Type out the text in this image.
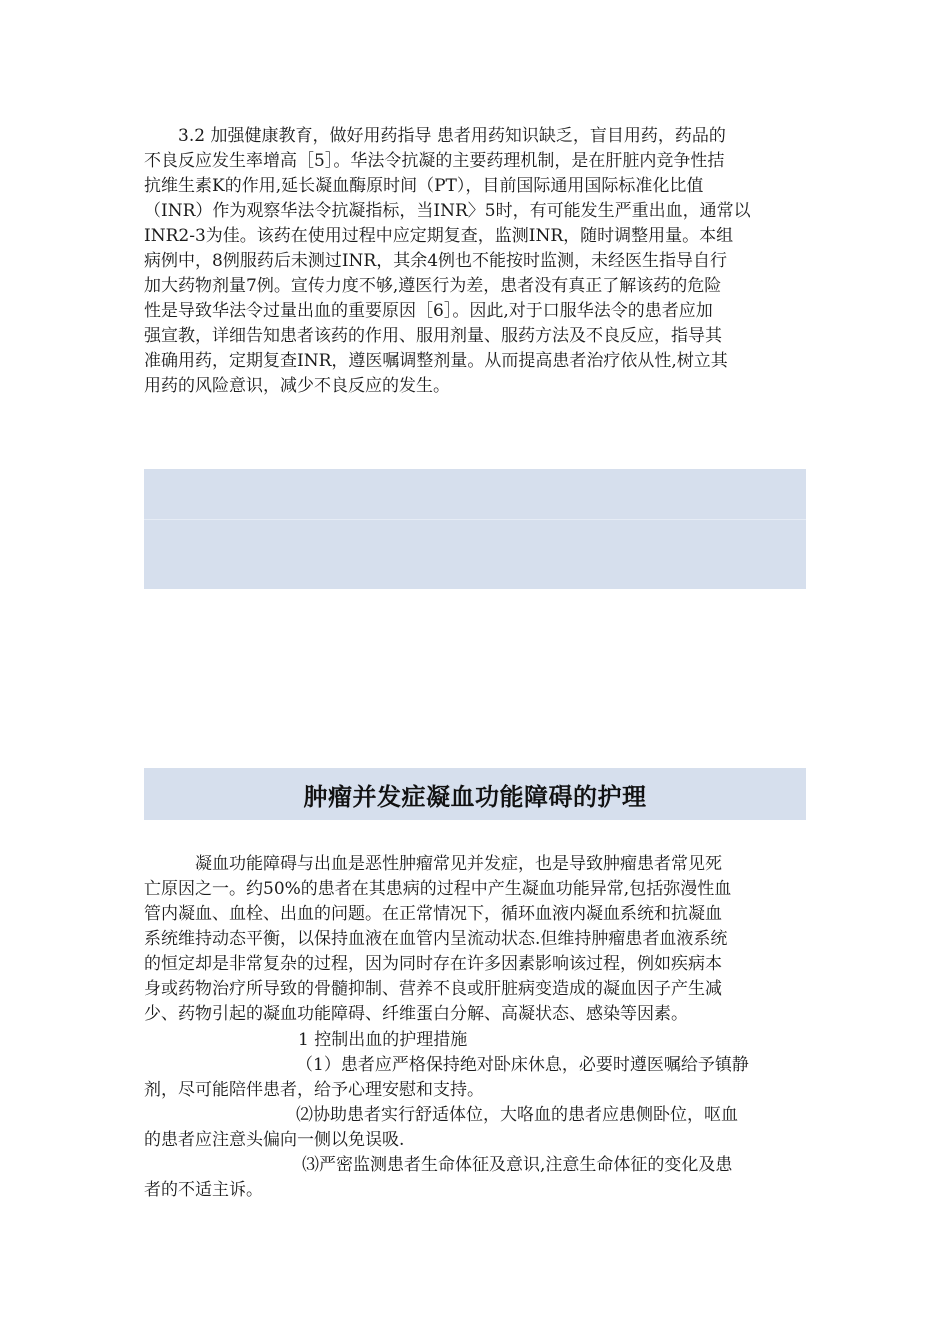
　　3.2 加强健康教育，做好用药指导 患者用药知识缺乏，盲目用药，药品的
不良反应发生率增高［5］。华法令抗凝的主要药理机制，是在肝脏内竞争性拮
抗维生素K的作用,延长凝血酶原时间（PT），目前国际通用国际标准化比值
（INR）作为观察华法令抗凝指标，当INR〉5时，有可能发生严重出血，通常以
INR2-3为佳。该药在使用过程中应定期复查，监测INR，随时调整用量。本组
病例中，8例服药后未测过INR，其余4例也不能按时监测，未经医生指导自行
加大药物剂量7例。宣传力度不够,遵医行为差，患者没有真正了解该药的危险
性是导致华法令过量出血的重要原因［6］。因此,对于口服华法令的患者应加
强宣教，详细告知患者该药的作用、服用剂量、服药方法及不良反应，指导其
准确用药，定期复查INR，遵医嘱调整剂量。从而提高患者治疗依从性,树立其
用药的风险意识，减少不良反应的发生。
肿瘤并发症凝血功能障碍的护理
　　　凝血功能障碍与出血是恶性肿瘤常见并发症，也是导致肿瘤患者常见死
亡原因之一。约50%的患者在其患病的过程中产生凝血功能异常,包括弥漫性血
管内凝血、血栓、出血的问题。在正常情况下，循环血液内凝血系统和抗凝血
系统维持动态平衡，以保持血液在血管内呈流动状态.但维持肿瘤患者血液系统
的恒定却是非常复杂的过程，因为同时存在许多因素影响该过程，例如疾病本
身或药物治疗所导致的骨髓抑制、营养不良或肝脏病变造成的凝血因子产生减
少、药物引起的凝血功能障碍、纤维蛋白分解、高凝状态、感染等因素。
1 控制出血的护理措施
（1）患者应严格保持绝对卧床休息，必要时遵医嘱给予镇静
剂，尽可能陪伴患者，给予心理安慰和支持。
⑵协助患者实行舒适体位，大咯血的患者应患侧卧位，呕血
的患者应注意头偏向一侧以免误吸.
⑶严密监测患者生命体征及意识,注意生命体征的变化及患
者的不适主诉。
